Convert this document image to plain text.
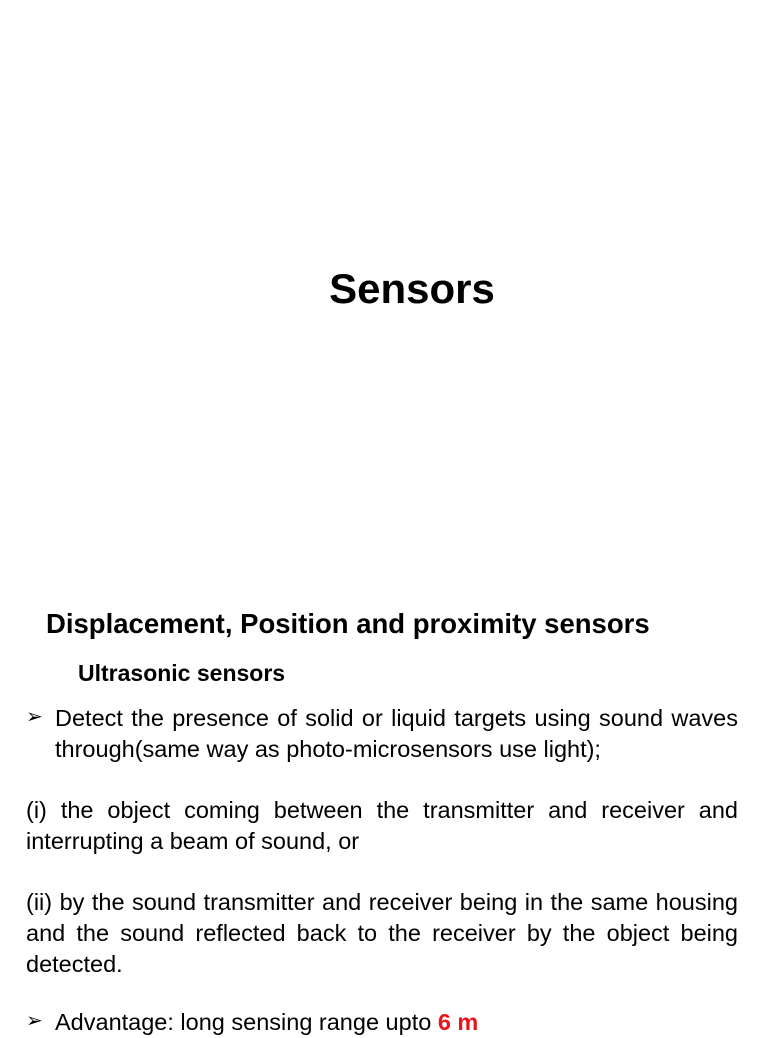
Sensors
Displacement, Position and proximity sensors
Ultrasonic sensors
➢ Detect the presence of solid or liquid targets using sound waves through(same way as photo-microsensors use light);
(i) the object coming between the transmitter and receiver and interrupting a beam of sound, or
(ii) by the sound transmitter and receiver being in the same housing and the sound reflected back to the receiver by the object being detected.
➢ Advantage: long sensing range upto 6 m
